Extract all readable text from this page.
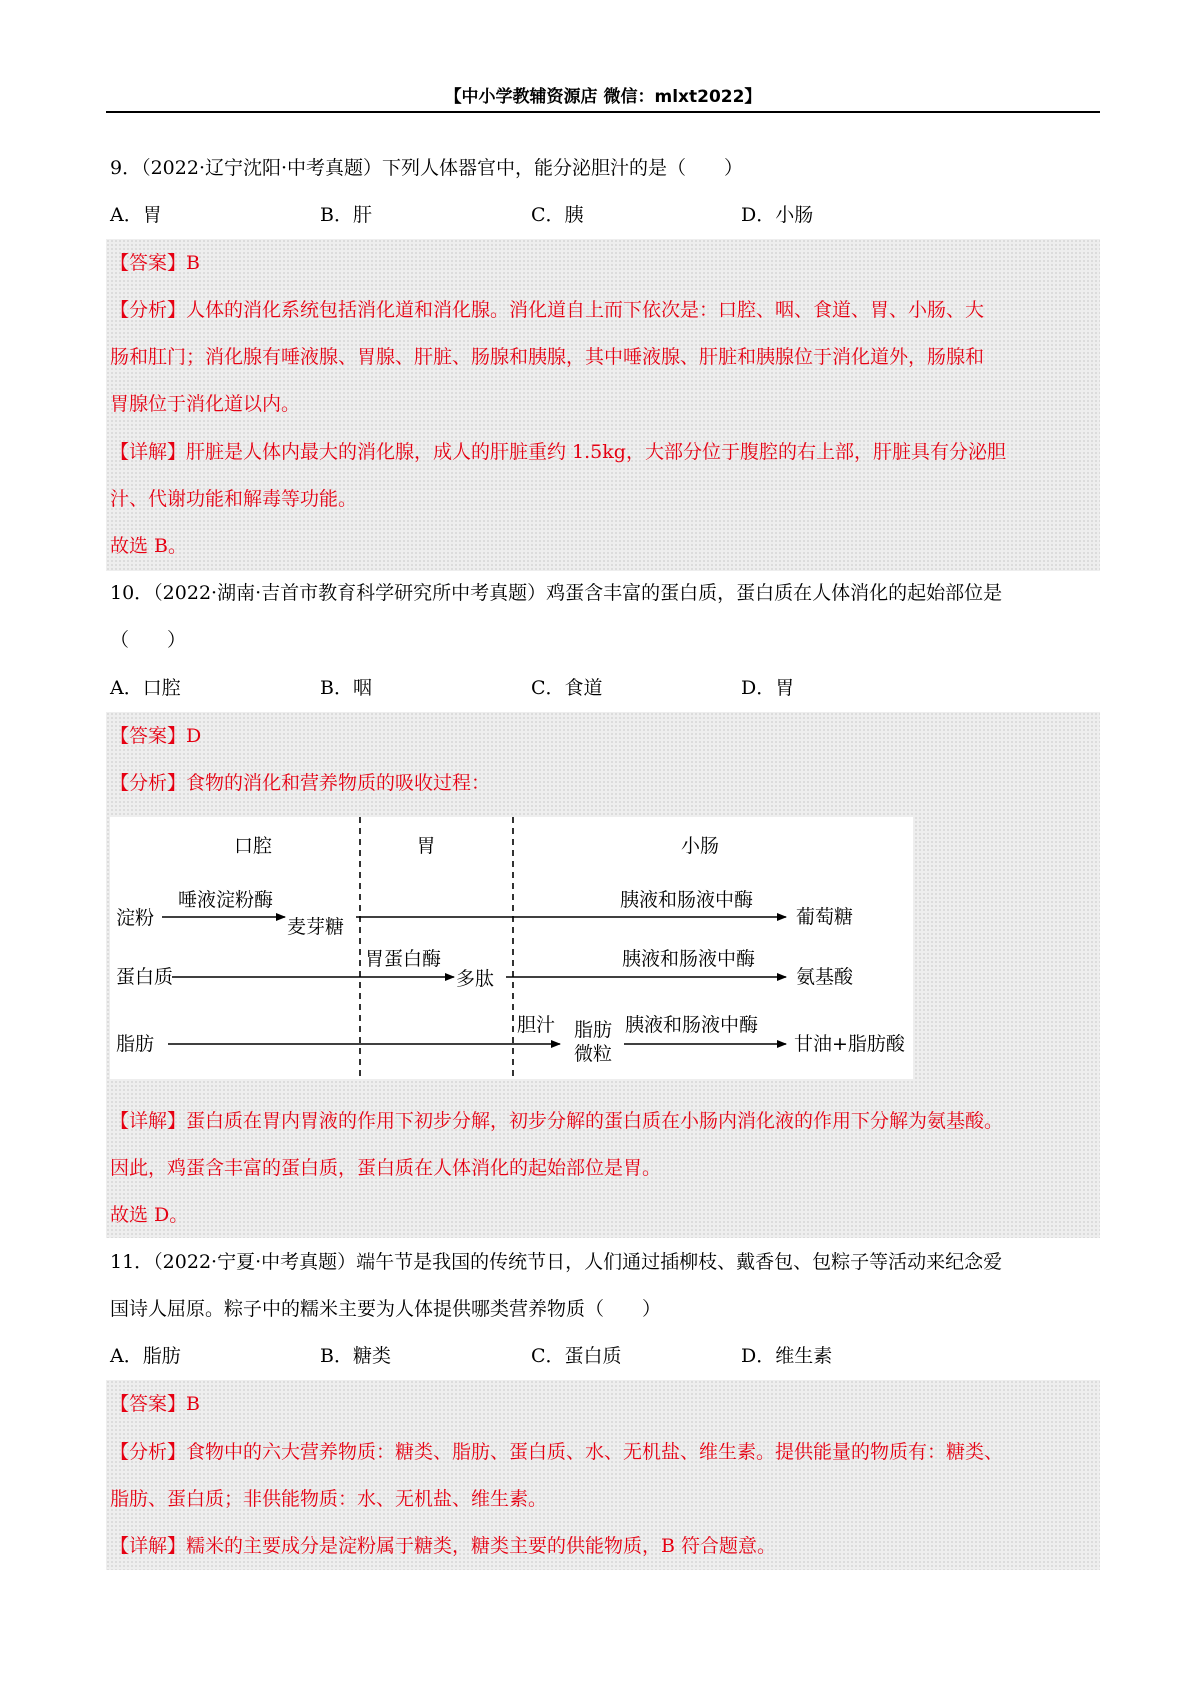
【中小学教辅资源店 微信：mlxt2022】
9．（2022·辽宁沈阳·中考真题）下列人体器官中，能分泌胆汁的是（　　）
A．胃	B．肝	C．胰	D．小肠
【答案】B
【分析】人体的消化系统包括消化道和消化腺。消化道自上而下依次是：口腔、咽、食道、胃、小肠、大
肠和肛门；消化腺有唾液腺、胃腺、肝脏、肠腺和胰腺，其中唾液腺、肝脏和胰腺位于消化道外，肠腺和
胃腺位于消化道以内。
【详解】肝脏是人体内最大的消化腺，成人的肝脏重约 1.5kg，大部分位于腹腔的右上部，肝脏具有分泌胆
汁、代谢功能和解毒等功能。
故选 B。
10．（2022·湖南·吉首市教育科学研究所中考真题）鸡蛋含丰富的蛋白质，蛋白质在人体消化的起始部位是
（　　）
A．口腔	B．咽	C．食道	D．胃
【答案】D
【分析】食物的消化和营养物质的吸收过程：
口腔	胃	小肠
淀粉
唾液淀粉酶
麦芽糖
胰液和肠液中酶
葡萄糖
蛋白质
胃蛋白酶
多肽
胰液和肠液中酶
氨基酸
脂肪
胆汁 脂肪
微粒
胰液和肠液中酶
甘油+脂肪酸
【详解】蛋白质在胃内胃液的作用下初步分解，初步分解的蛋白质在小肠内消化液的作用下分解为氨基酸。
因此，鸡蛋含丰富的蛋白质，蛋白质在人体消化的起始部位是胃。
故选 D。
11．（2022·宁夏·中考真题）端午节是我国的传统节日，人们通过插柳枝、戴香包、包粽子等活动来纪念爱
国诗人屈原。粽子中的糯米主要为人体提供哪类营养物质（　　）
A．脂肪	B．糖类	C．蛋白质	D．维生素
【答案】B
【分析】食物中的六大营养物质：糖类、脂肪、蛋白质、水、无机盐、维生素。提供能量的物质有：糖类、
脂肪、蛋白质；非供能物质：水、无机盐、维生素。
【详解】糯米的主要成分是淀粉属于糖类，糖类主要的供能物质，B 符合题意。
